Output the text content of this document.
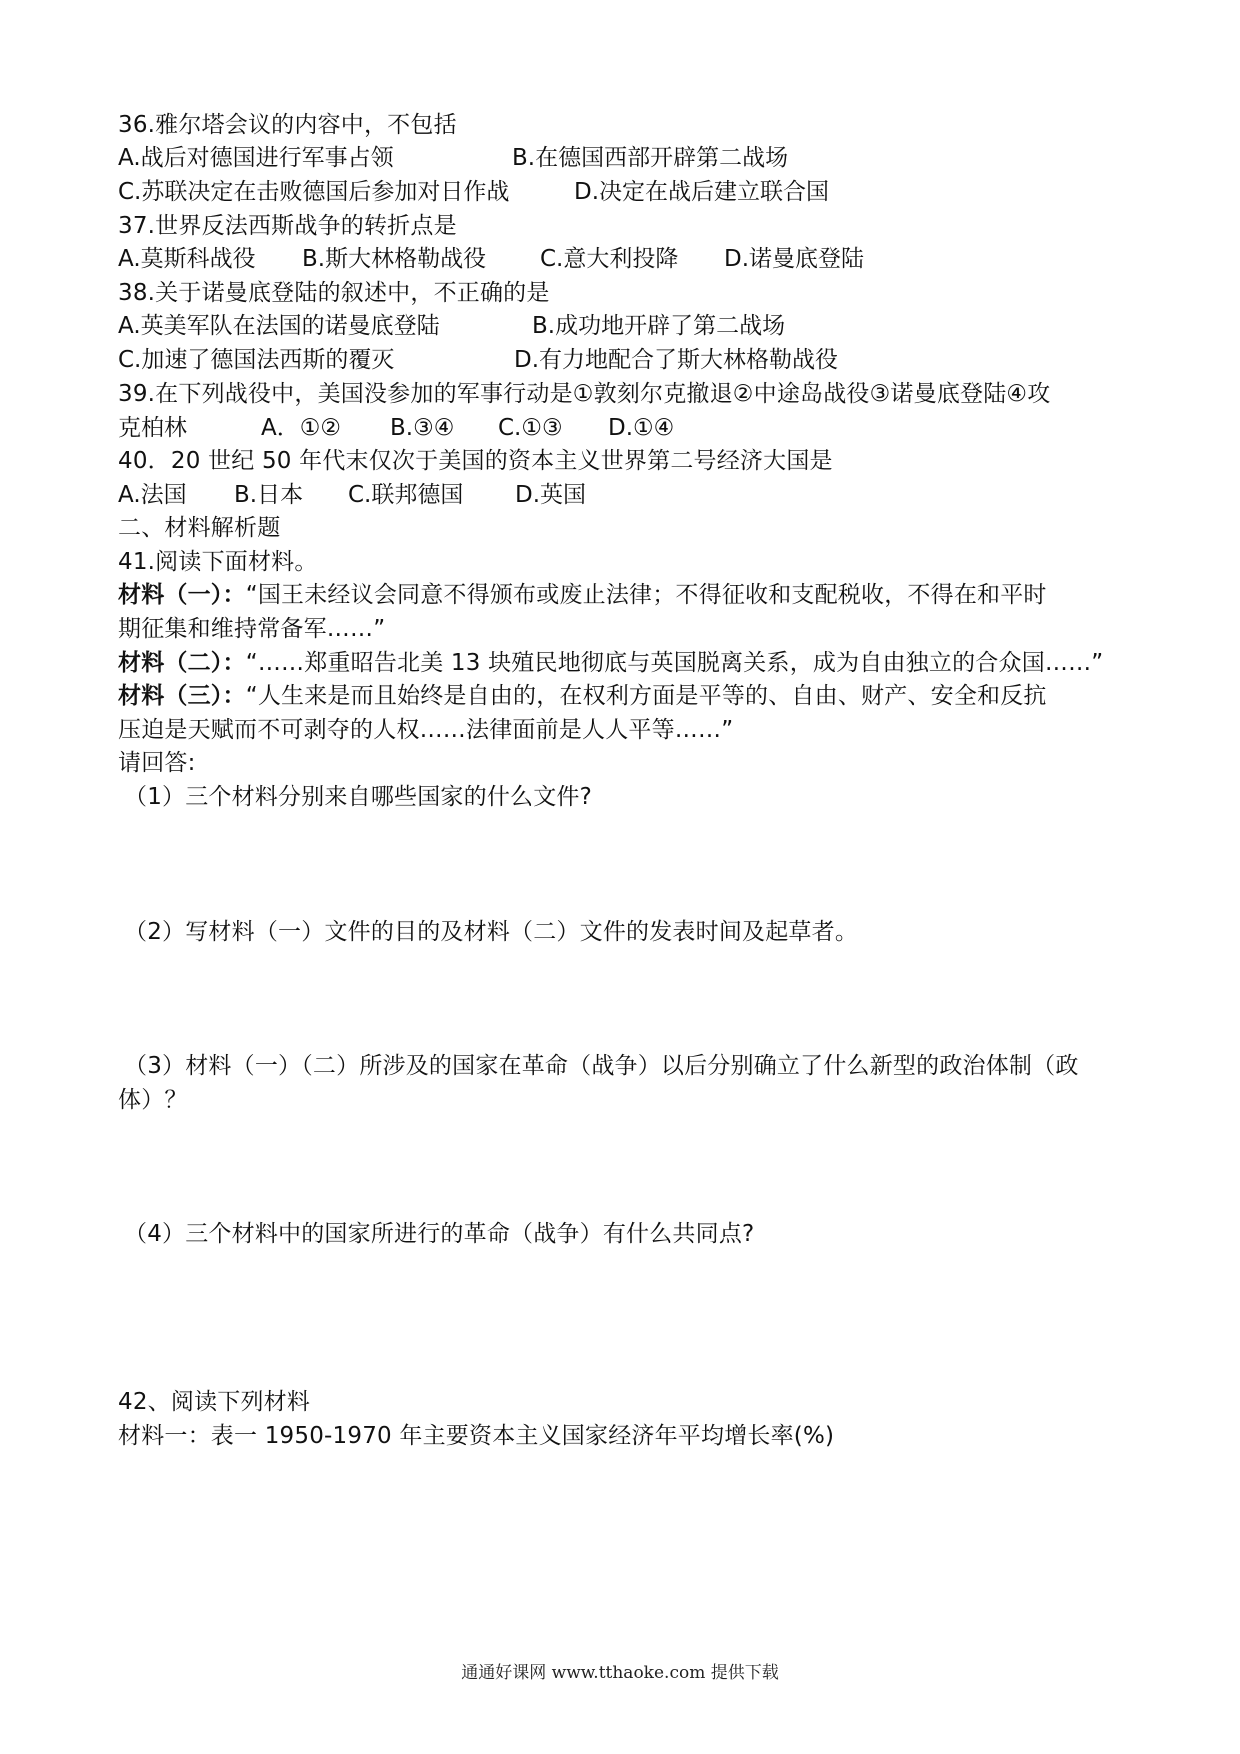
36.雅尔塔会议的内容中，不包括
A.战后对德国进行军事占领	B.在德国西部开辟第二战场
C.苏联决定在击败德国后参加对日作战	D.决定在战后建立联合国
37.世界反法西斯战争的转折点是
A.莫斯科战役 B.斯大林格勒战役 C.意大利投降 D.诺曼底登陆
38.关于诺曼底登陆的叙述中，不正确的是
A.英美军队在法国的诺曼底登陆	B.成功地开辟了第二战场
C.加速了德国法西斯的覆灭	D.有力地配合了斯大林格勒战役
39.在下列战役中，美国没参加的军事行动是①敦刻尔克撤退②中途岛战役③诺曼底登陆④攻
克柏林	A．①② B.③④ C.①③ D.①④
40．20 世纪 50 年代末仅次于美国的资本主义世界第二号经济大国是
A.法国 B.日本 C.联邦德国 D.英国
二、材料解析题
41.阅读下面材料。
材料（一）：“国王未经议会同意不得颁布或废止法律；不得征收和支配税收，不得在和平时
期征集和维持常备军……”
材料（二）：“……郑重昭告北美 13 块殖民地彻底与英国脱离关系，成为自由独立的合众国……”
材料（三）：“人生来是而且始终是自由的，在权利方面是平等的、自由、财产、安全和反抗
压迫是天赋而不可剥夺的人权……法律面前是人人平等……”
请回答:
（1）三个材料分别来自哪些国家的什么文件?
（2）写材料（一）文件的目的及材料（二）文件的发表时间及起草者。
（3）材料（一）（二）所涉及的国家在革命（战争）以后分别确立了什么新型的政治体制（政
体）？
（4）三个材料中的国家所进行的革命（战争）有什么共同点?
42、阅读下列材料
材料一：表一 1950-1970 年主要资本主义国家经济年平均增长率(%)
通通好课网 www.tthaoke.com 提供下载
